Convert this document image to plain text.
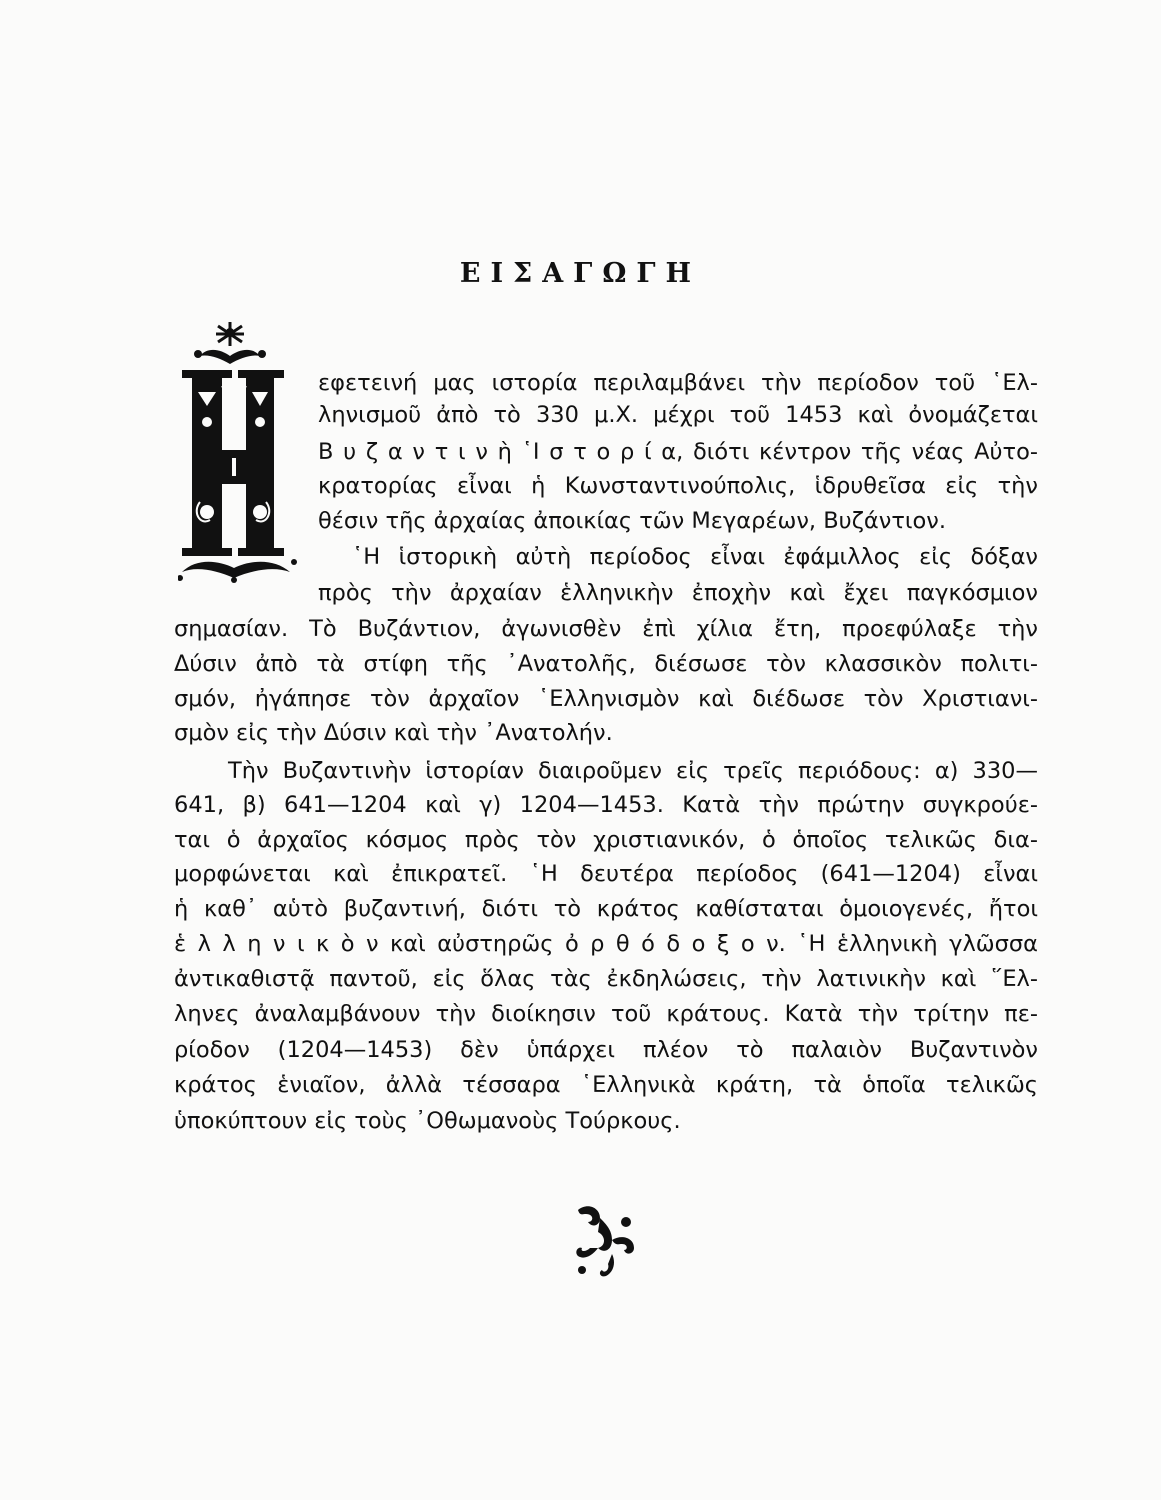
ΕΙΣΑΓΩΓΗ
εφετεινή μας ιστορία περιλαμβάνει τὴν περίοδον τοῦ ῾Ελ-
ληνισμοῦ ἀπὸ τὸ 330 μ.Χ. μέχρι τοῦ 1453 καὶ ὀνομάζεται
Β υ ζ α ν τ ι ν ὴ ῾Ι σ τ ο ρ ί α, διότι κέντρον τῆς νέας Αὐτο-
κρατορίας εἶναι ἡ Κωνσταντινούπολις, ἱδρυθεῖσα εἰς τὴν
θέσιν τῆς ἀρχαίας ἀποικίας τῶν Μεγαρέων, Βυζάντιον.
῾Η ἱστορικὴ αὐτὴ περίοδος εἶναι ἐφάμιλλος εἰς δόξαν
πρὸς τὴν ἀρχαίαν ἑλληνικὴν ἐποχὴν καὶ ἔχει παγκόσμιον
σημασίαν. Τὸ Βυζάντιον, ἀγωνισθὲν ἐπὶ χίλια ἔτη, προεφύλαξε τὴν
Δύσιν ἀπὸ τὰ στίφη τῆς ᾿Ανατολῆς, διέσωσε τὸν κλασσικὸν πολιτι-
σμόν, ἠγάπησε τὸν ἀρχαῖον ῾Ελληνισμὸν καὶ διέδωσε τὸν Χριστιανι-
σμὸν εἰς τὴν Δύσιν καὶ τὴν ᾿Ανατολήν.
Τὴν Βυζαντινὴν ἱστορίαν διαιροῦμεν εἰς τρεῖς περιόδους: α) 330—
641, β) 641—1204 καὶ γ) 1204—1453. Κατὰ τὴν πρώτην συγκρούε-
ται ὁ ἀρχαῖος κόσμος πρὸς τὸν χριστιανικόν, ὁ ὁποῖος τελικῶς δια-
μορφώνεται καὶ ἐπικρατεῖ. ῾Η δευτέρα περίοδος (641—1204) εἶναι
ἡ καθ᾿ αὑτὸ βυζαντινή, διότι τὸ κράτος καθίσταται ὁμοιογενές, ἤτοι
ἑ λ λ η ν ι κ ὸ ν καὶ αὐστηρῶς ὀ ρ θ ό δ ο ξ ο ν. ῾Η ἑλληνικὴ γλῶσσα
ἀντικαθιστᾷ παντοῦ, εἰς ὅλας τὰς ἐκδηλώσεις, τὴν λατινικὴν καὶ ῞Ελ-
ληνες ἀναλαμβάνουν τὴν διοίκησιν τοῦ κράτους. Κατὰ τὴν τρίτην πε-
ρίοδον (1204—1453) δὲν ὑπάρχει πλέον τὸ παλαιὸν Βυζαντινὸν
κράτος ἑνιαῖον, ἀλλὰ τέσσαρα ῾Ελληνικὰ κράτη, τὰ ὁποῖα τελικῶς
ὑποκύπτουν εἰς τοὺς ᾿Οθωμανοὺς Τούρκους.
